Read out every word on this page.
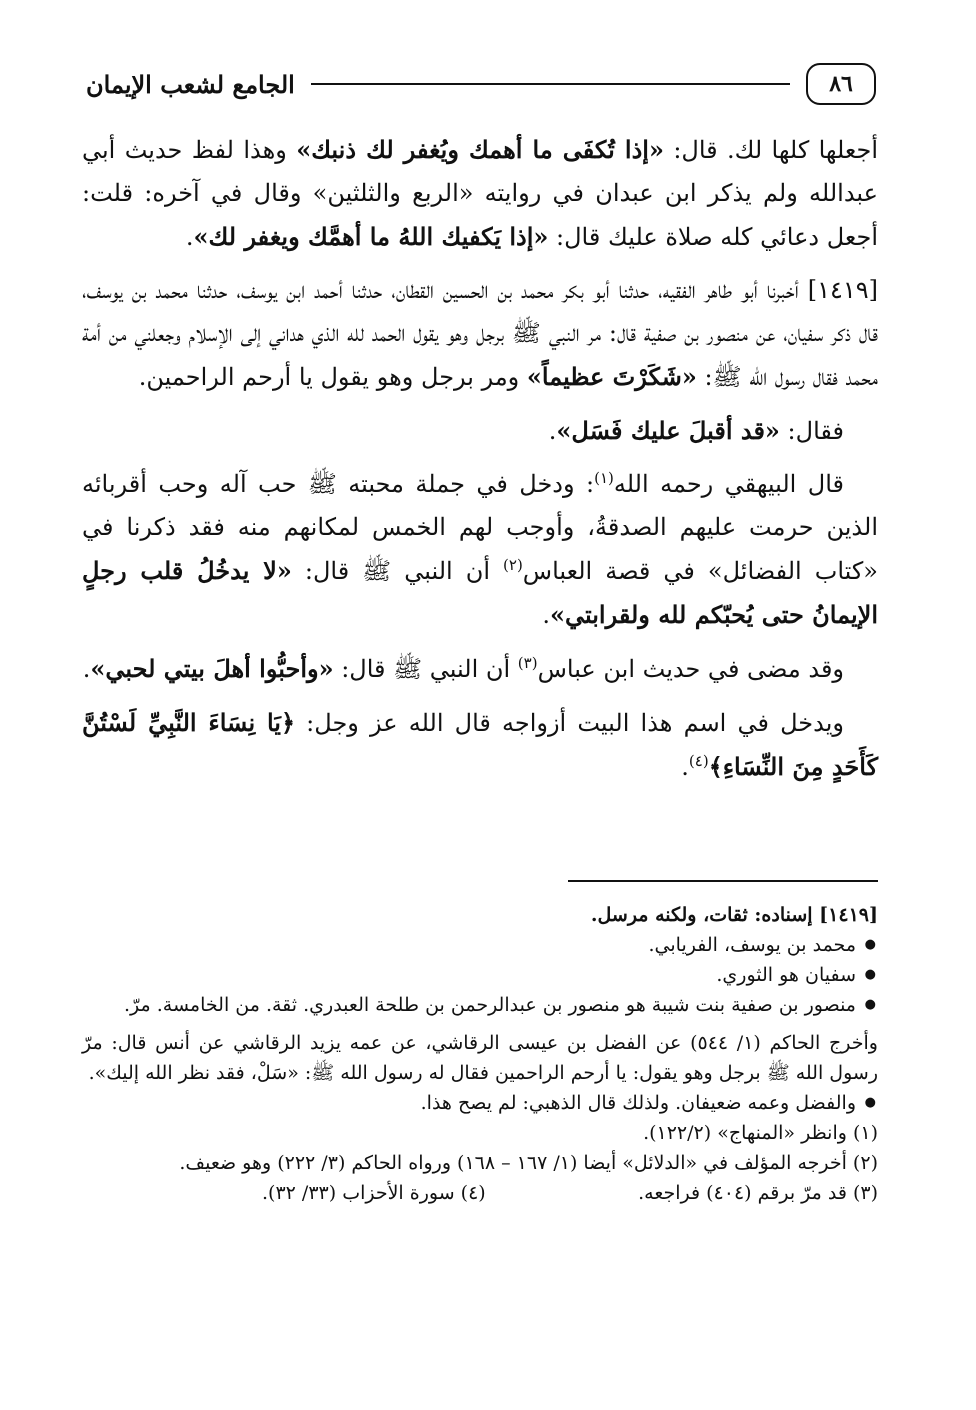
٨٦
الجامع لشعب الإيمان

أجعلها كلها لك. قال: «إذا تُكفَى ما أهمك ويُغفر لك ذنبك» وهذا لفظ حديث أبي عبدالله ولم يذكر ابن عبدان في روايته «الربع والثلثين» وقال في آخره: قلت: أجعل دعائي كله صلاة عليك قال: «إذا يَكفيك اللهُ ما أهمَّك ويغفر لك».

[١٤١٩] أخبرنا أبو طاهر الفقيه، حدثنا أبو بكر محمد بن الحسين القطان، حدثنا أحمد ابن يوسف، حدثنا محمد بن يوسف، قال ذكر سفيان، عن منصور بن صفية قال: مر النبي ﷺ برجل وهو يقول الحمد لله الذي هداني إلى الإسلام وجعلني من أمة محمد فقال رسول الله ﷺ: «شَكَرْتَ عظيماً» ومر برجل وهو يقول يا أرحم الراحمين.

فقال: «قد أقبلَ عليك فَسَل».

قال البيهقي رحمه الله$^{(١)}$: ودخل في جملة محبته ﷺ حب آله وحب أقربائه الذين حرمت عليهم الصدقةُ، وأوجب لهم الخمس لمكانهم منه فقد ذكرنا في «كتاب الفضائل» في قصة العباس$^{(٢)}$ أن النبي ﷺ قال: «لا يدخُلُ قلب رجلٍ الإيمانُ حتى يُحبّكم لله ولقرابتي».

وقد مضى في حديث ابن عباس$^{(٣)}$ أن النبي ﷺ قال: «وأحبُّوا أهلَ بيتي لحبي».

ويدخل في اسم هذا البيت أزواجه قال الله عز وجل: ﴿يَا نِسَاءَ النَّبِيِّ لَسْتُنَّ كَأَحَدٍ مِنَ النِّسَاءِ﴾$^{(٤)}$.

[١٤١٩] إسناده: ثقات، ولكنه مرسل.

● محمد بن يوسف، الفريابي.
● سفيان هو الثوري.
● منصور بن صفية بنت شيبة هو منصور بن عبدالرحمن بن طلحة العبدري. ثقة. من الخامسة. مرّ.

وأخرج الحاكم (١/ ٥٤٤) عن الفضل بن عيسى الرقاشي، عن عمه يزيد الرقاشي عن أنس قال: مرّ رسول الله ﷺ برجل وهو يقول: يا أرحم الراحمين فقال له رسول الله ﷺ: «سَلْ، فقد نظر الله إليك».

● والفضل وعمه ضعيفان. ولذلك قال الذهبي: لم يصح هذا.

(١) وانظر «المنهاج» (١٢٢/٢).

(٢) أخرجه المؤلف في «الدلائل» أيضا (١/ ١٦٧ – ١٦٨) ورواه الحاكم (٣/ ٢٢٢) وهو ضعيف.

(٣) قد مرّ برقم (٤٠٤) فراجعه.
(٤) سورة الأحزاب (٣٣/ ٣٢).
